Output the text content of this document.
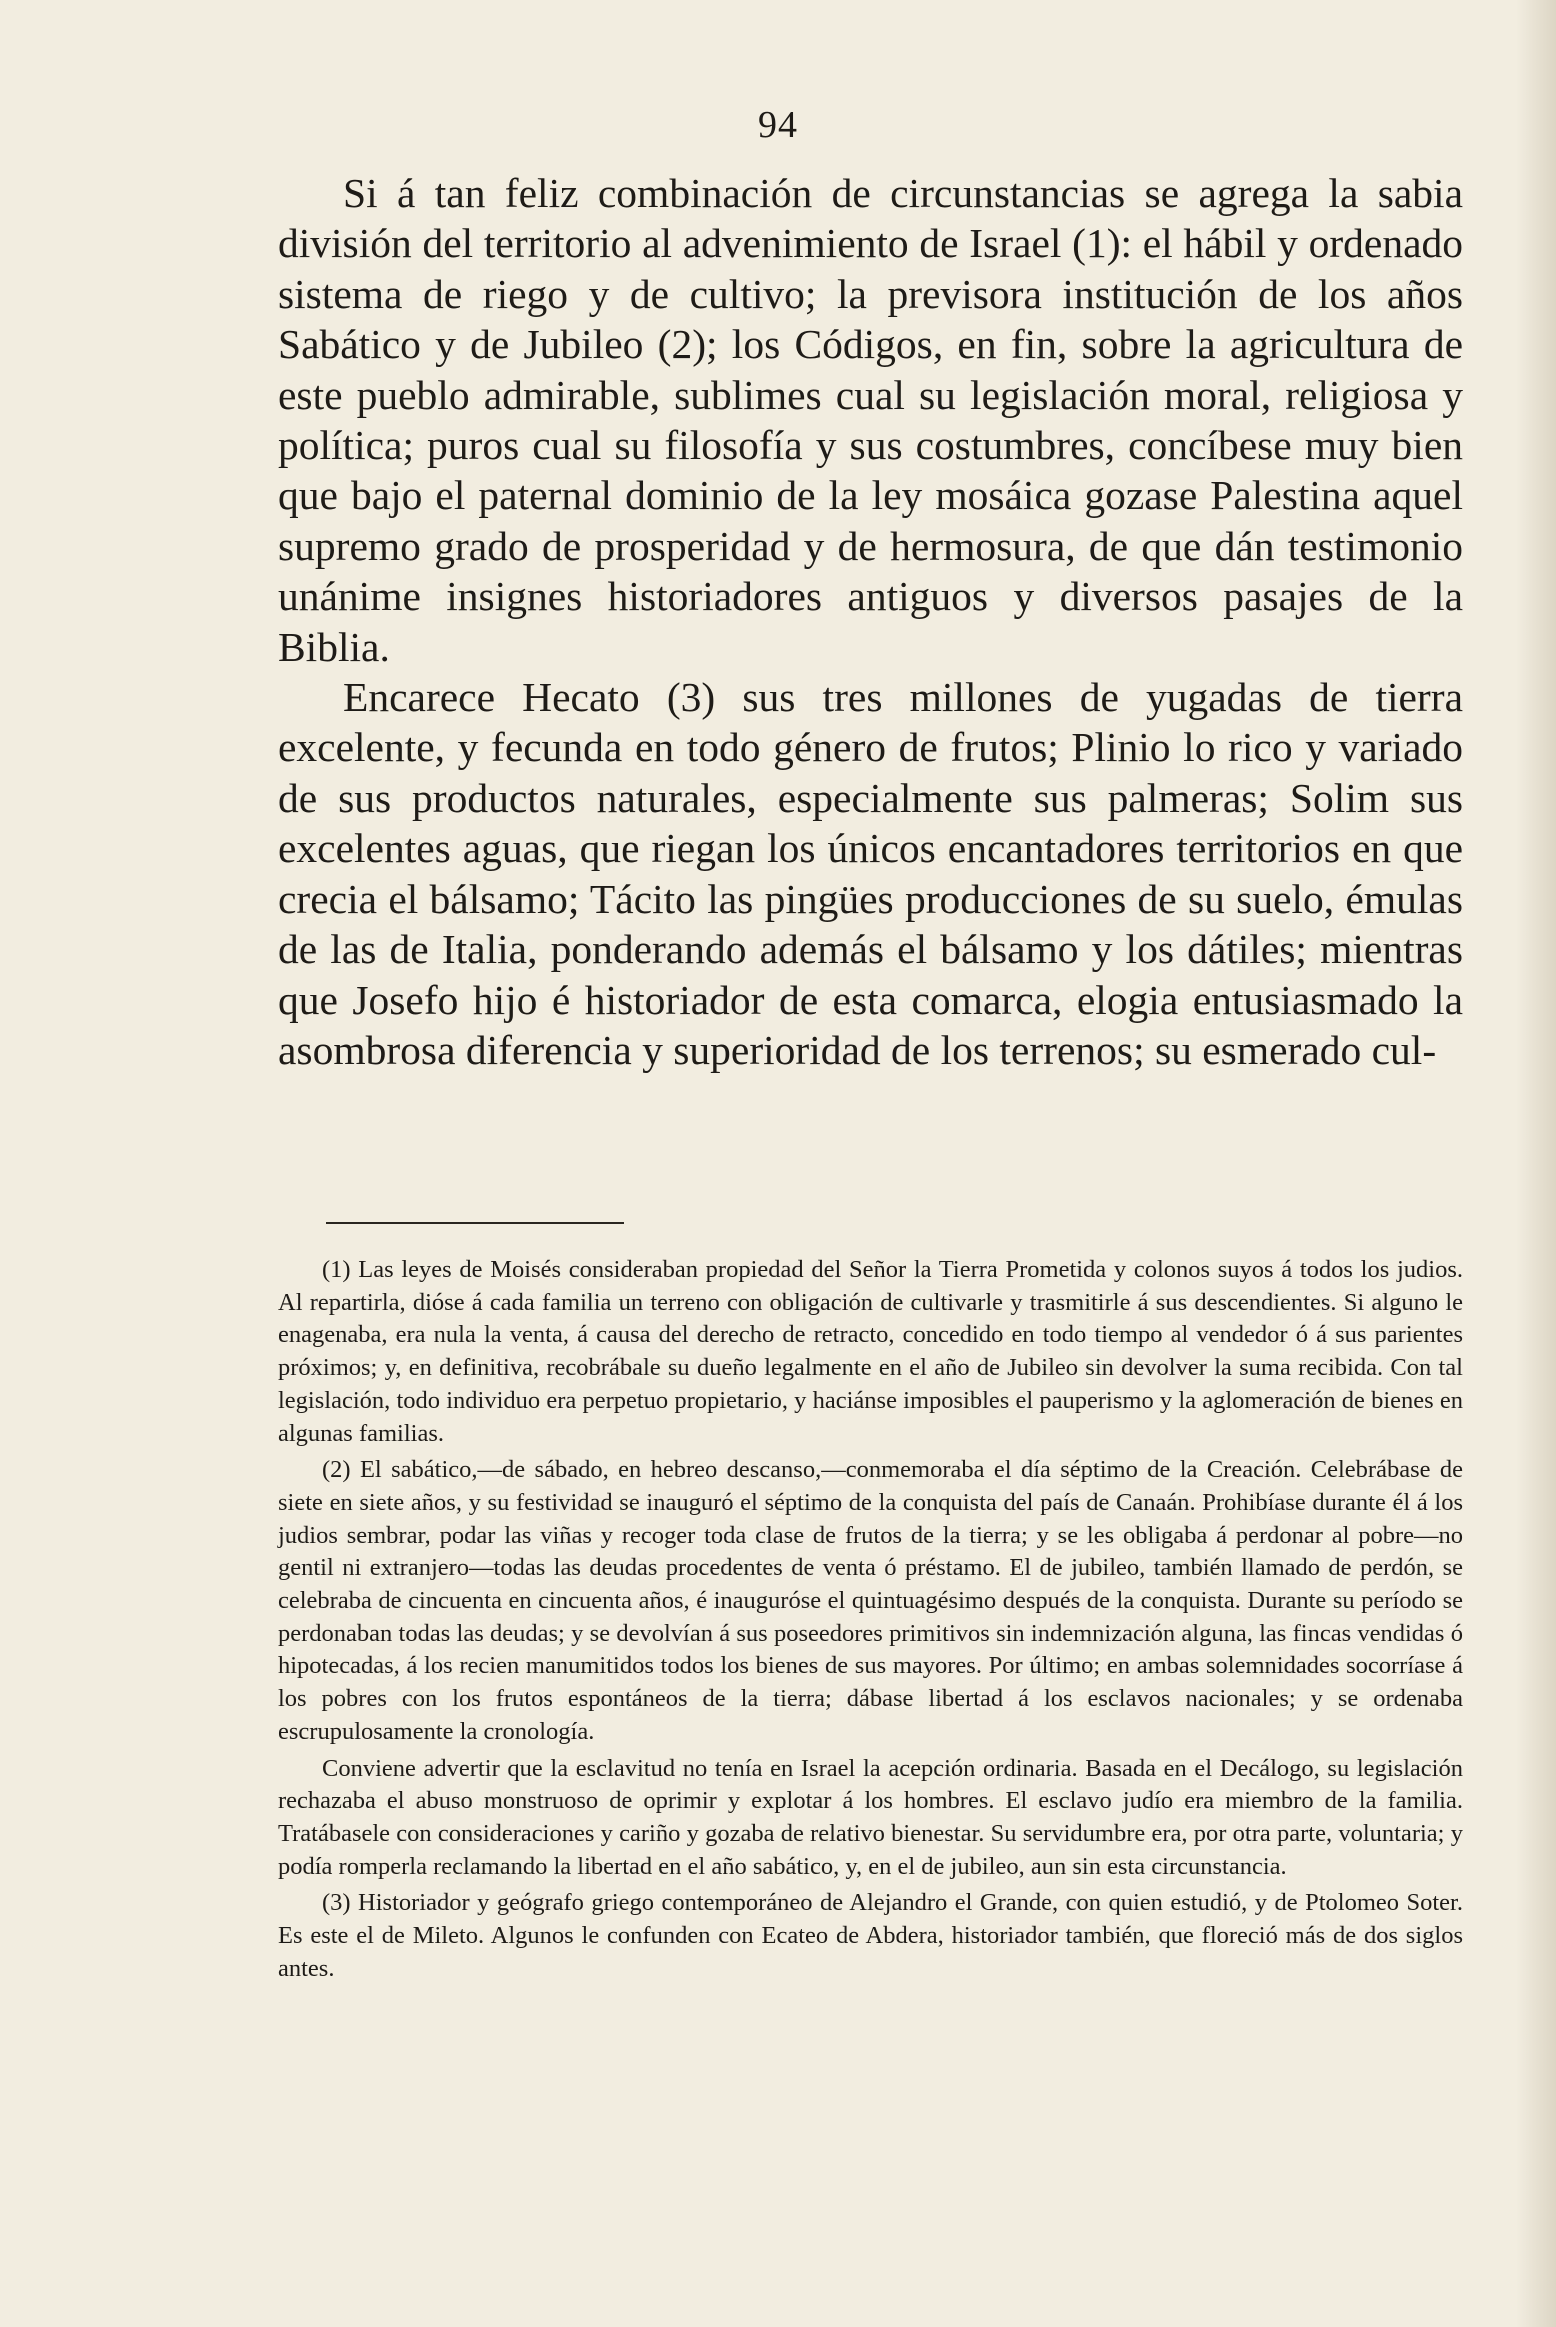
94

Si á tan feliz combinación de circunstancias se agrega la sabia división del territorio al advenimiento de Israel (1): el hábil y ordenado sistema de riego y de cultivo; la previsora institución de los años Sabático y de Jubileo (2); los Códigos, en fin, sobre la agricultura de este pueblo admirable, sublimes cual su legislación moral, religiosa y política; puros cual su filosofía y sus costumbres, concíbese muy bien que bajo el paternal dominio de la ley mosáica gozase Palestina aquel supremo grado de prosperidad y de hermosura, de que dán testimonio unánime insignes historiadores antiguos y diversos pasajes de la Biblia.

Encarece Hecato (3) sus tres millones de yugadas de tierra excelente, y fecunda en todo género de frutos; Plinio lo rico y variado de sus productos naturales, especialmente sus palmeras; Solim sus excelentes aguas, que riegan los únicos encantadores territorios en que crecia el bálsamo; Tácito las pingües producciones de su suelo, émulas de las de Italia, ponderando además el bálsamo y los dátiles; mientras que Josefo hijo é historiador de esta comarca, elogia entusiasmado la asombrosa diferencia y superioridad de los terrenos; su esmerado cul-

(1) Las leyes de Moisés consideraban propiedad del Señor la Tierra Prometida y colonos suyos á todos los judios. Al repartirla, dióse á cada familia un terreno con obligación de cultivarle y trasmitirle á sus descendientes. Si alguno le enagenaba, era nula la venta, á causa del derecho de retracto, concedido en todo tiempo al vendedor ó á sus parientes próximos; y, en definitiva, recobrábale su dueño legalmente en el año de Jubileo sin devolver la suma recibida. Con tal legislación, todo individuo era perpetuo propietario, y haciánse imposibles el pauperismo y la aglomeración de bienes en algunas familias.

(2) El sabático,—de sábado, en hebreo descanso,—conmemoraba el día séptimo de la Creación. Celebrábase de siete en siete años, y su festividad se inauguró el séptimo de la conquista del país de Canaán. Prohibíase durante él á los judios sembrar, podar las viñas y recoger toda clase de frutos de la tierra; y se les obligaba á perdonar al pobre—no gentil ni extranjero—todas las deudas procedentes de venta ó préstamo. El de jubileo, también llamado de perdón, se celebraba de cincuenta en cincuenta años, é inauguróse el quintuagésimo después de la conquista. Durante su período se perdonaban todas las deudas; y se devolvían á sus poseedores primitivos sin indemnización alguna, las fincas vendidas ó hipotecadas, á los recien manumitidos todos los bienes de sus mayores. Por último; en ambas solemnidades socorríase á los pobres con los frutos espontáneos de la tierra; dábase libertad á los esclavos nacionales; y se ordenaba escrupulosamente la cronología.

Conviene advertir que la esclavitud no tenía en Israel la acepción ordinaria. Basada en el Decálogo, su legislación rechazaba el abuso monstruoso de oprimir y explotar á los hombres. El esclavo judío era miembro de la familia. Tratábasele con consideraciones y cariño y gozaba de relativo bienestar. Su servidumbre era, por otra parte, voluntaria; y podía romperla reclamando la libertad en el año sabático, y, en el de jubileo, aun sin esta circunstancia.

(3) Historiador y geógrafo griego contemporáneo de Alejandro el Grande, con quien estudió, y de Ptolomeo Soter. Es este el de Mileto. Algunos le confunden con Ecateo de Abdera, historiador también, que floreció más de dos siglos antes.
